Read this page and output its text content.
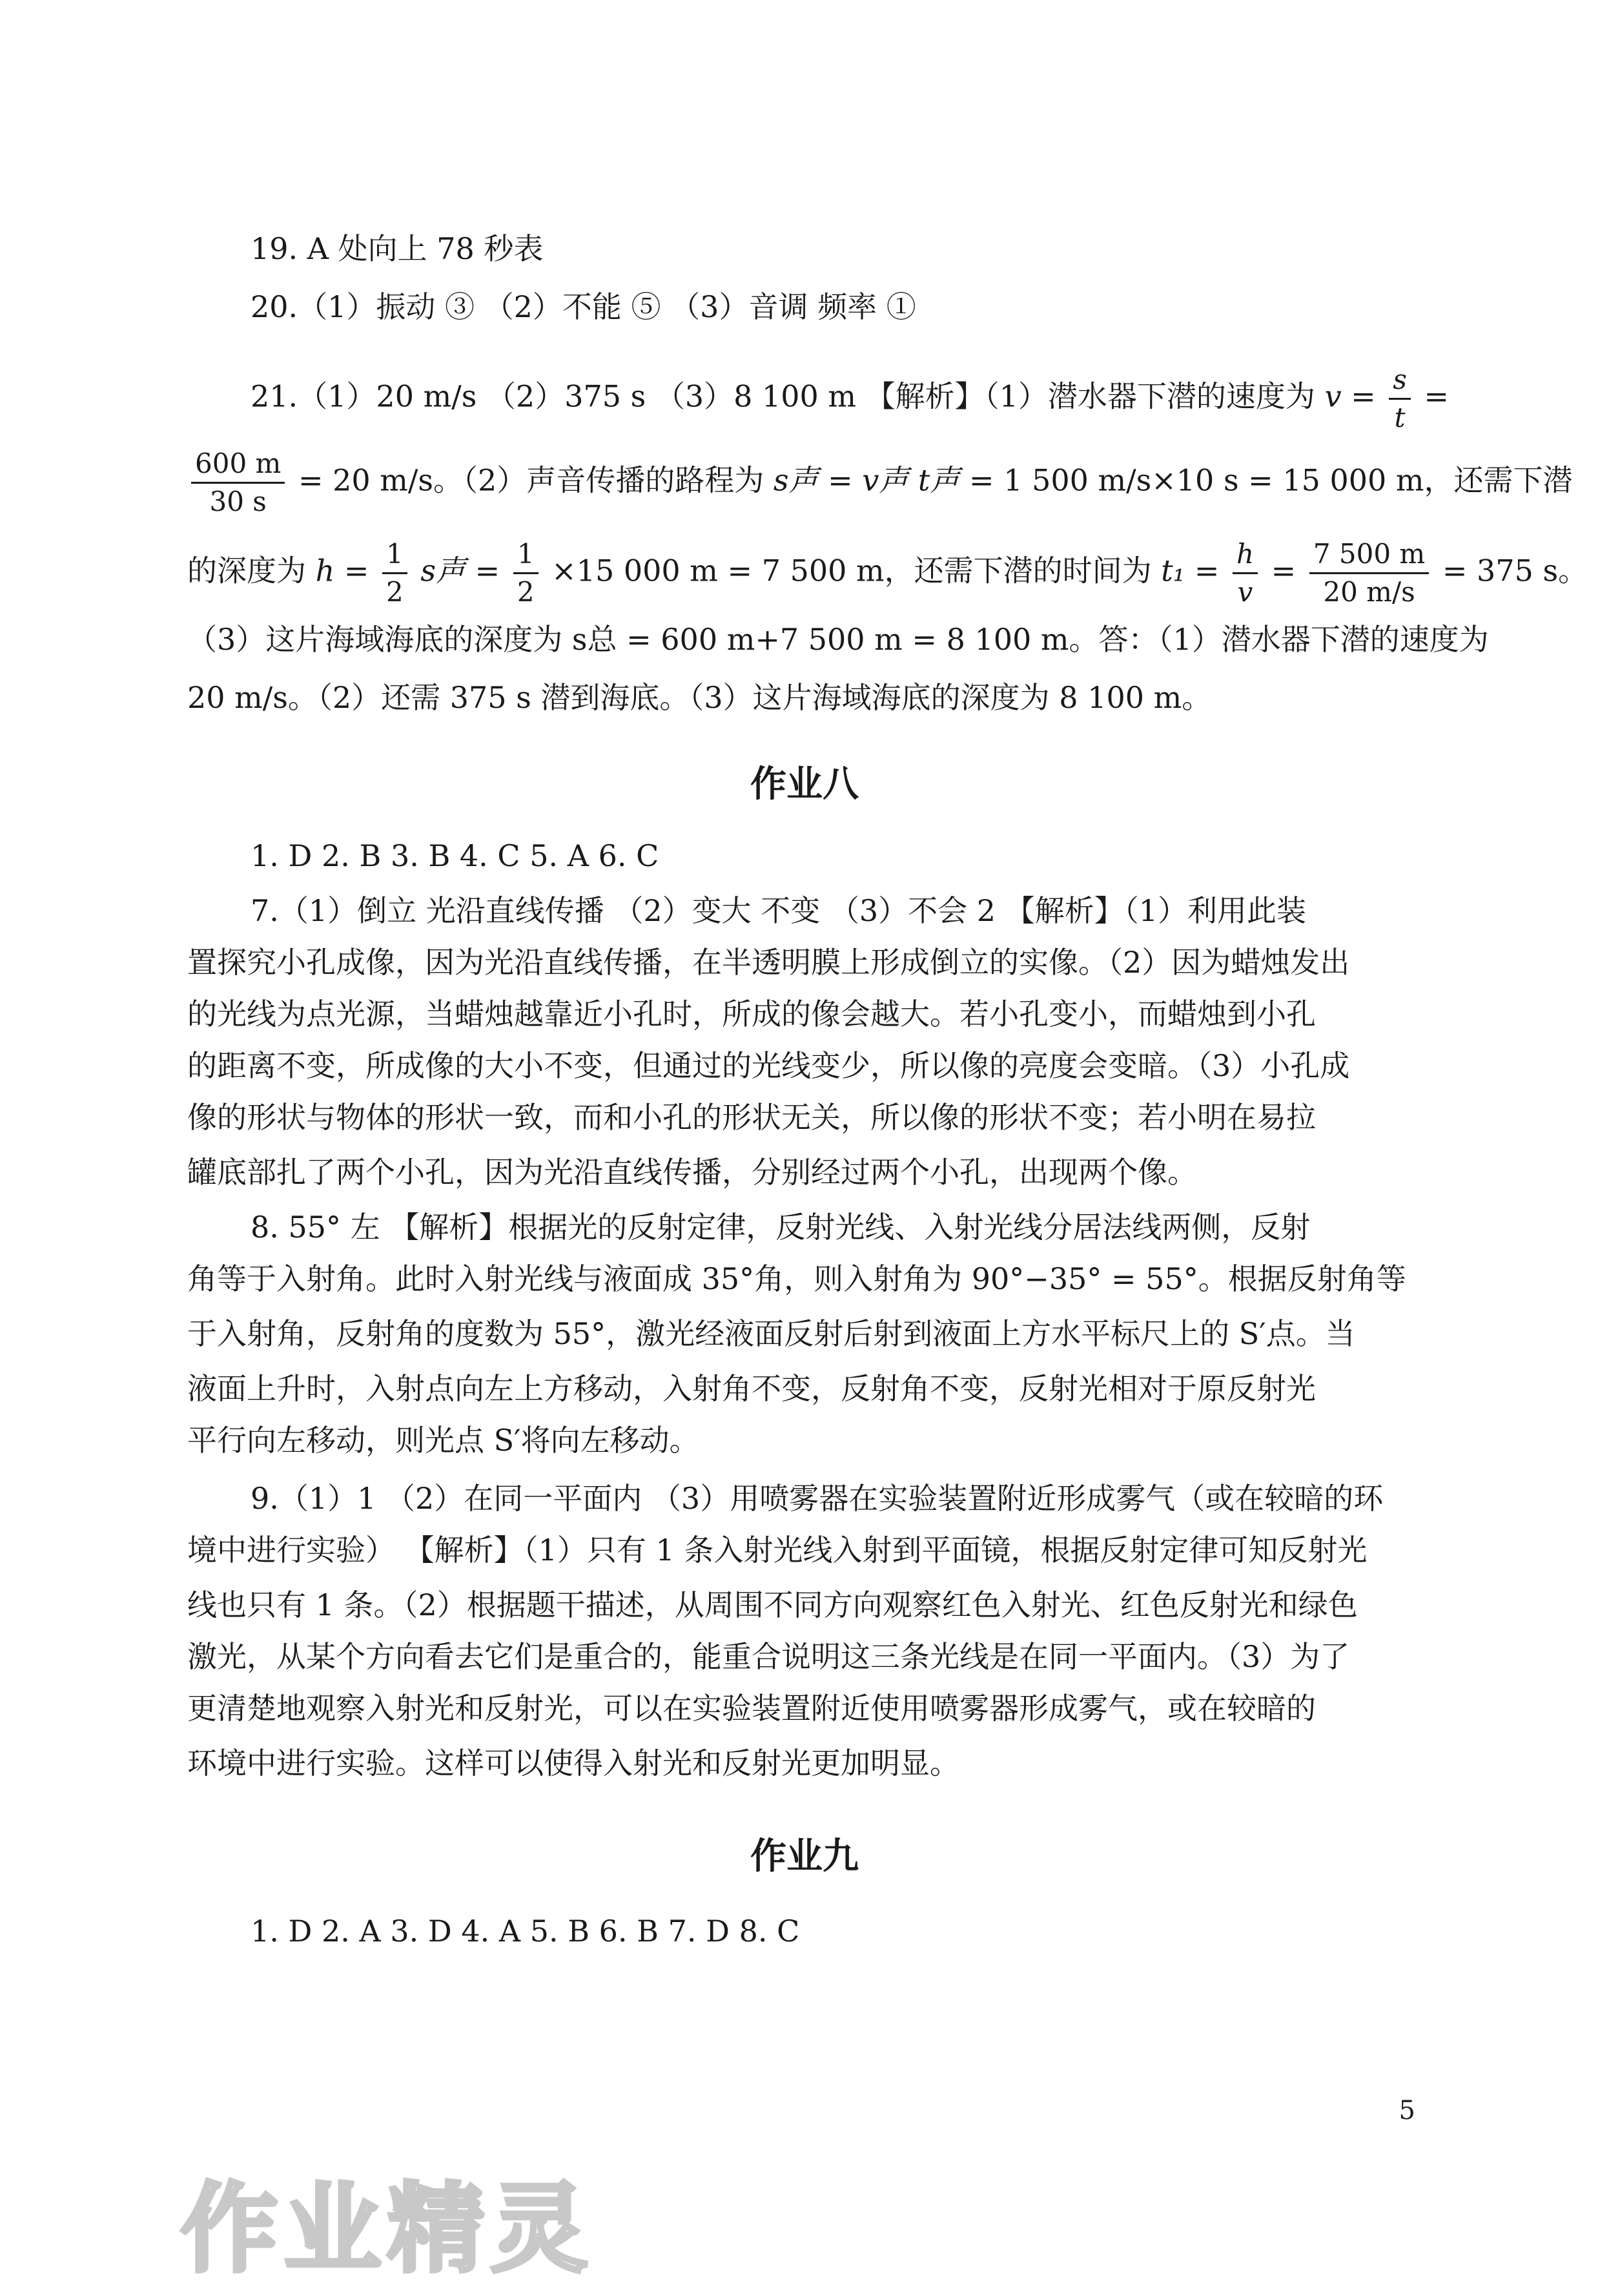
19. A 处向上 78 秒表
20.（1）振动 ③ （2）不能 ⑤ （3）音调 频率 ①
21.（1）20 m/s （2）375 s （3）8 100 m 【解析】（1）潜水器下潜的速度为 $v = \frac{s}{t}$ =
$\frac{600 m}{30 s} = 20$ m/s。（2）声音传播的路程为 s声 = v声 t声 = 1 500 m/s×10 s = 15 000 m，还需下潜
的深度为 $h = \frac{1}{2}$ s声 = $\frac{1}{2} \times 15$ 000 m = 7 500 m，还需下潜的时间为 $t_1 = \frac{h}{v} = \frac{7 500 m}{20 m/s} = 375$ s。
（3）这片海域海底的深度为 s总 = 600 m+7 500 m = 8 100 m。答：（1）潜水器下潜的速度为
20 m/s。（2）还需 375 s 潜到海底。（3）这片海域海底的深度为 8 100 m。
作业八
1. D 2. B 3. B 4. C 5. A 6. C
7.（1）倒立 光沿直线传播 （2）变大 不变 （3）不会 2 【解析】（1）利用此装
置探究小孔成像，因为光沿直线传播，在半透明膜上形成倒立的实像。（2）因为蜡烛发出
的光线为点光源，当蜡烛越靠近小孔时，所成的像会越大。若小孔变小，而蜡烛到小孔
的距离不变，所成像的大小不变，但通过的光线变少，所以像的亮度会变暗。（3）小孔成
像的形状与物体的形状一致，而和小孔的形状无关，所以像的形状不变；若小明在易拉
罐底部扎了两个小孔，因为光沿直线传播，分别经过两个小孔，出现两个像。
8. 55° 左 【解析】根据光的反射定律，反射光线、入射光线分居法线两侧，反射
角等于入射角。此时入射光线与液面成 35°角，则入射角为 90°−35° = 55°。根据反射角等
于入射角，反射角的度数为 55°，激光经液面反射后射到液面上方水平标尺上的 S′点。当
液面上升时，入射点向左上方移动，入射角不变，反射角不变，反射光相对于原反射光
平行向左移动，则光点 S′将向左移动。
9.（1）1 （2）在同一平面内 （3）用喷雾器在实验装置附近形成雾气（或在较暗的环
境中进行实验） 【解析】（1）只有 1 条入射光线入射到平面镜，根据反射定律可知反射光
线也只有 1 条。（2）根据题干描述，从周围不同方向观察红色入射光、红色反射光和绿色
激光，从某个方向看去它们是重合的，能重合说明这三条光线是在同一平面内。（3）为了
更清楚地观察入射光和反射光，可以在实验装置附近使用喷雾器形成雾气，或在较暗的
环境中进行实验。这样可以使得入射光和反射光更加明显。
作业九
1. D 2. A 3. D 4. A 5. B 6. B 7. D 8. C
5
作业精灵
